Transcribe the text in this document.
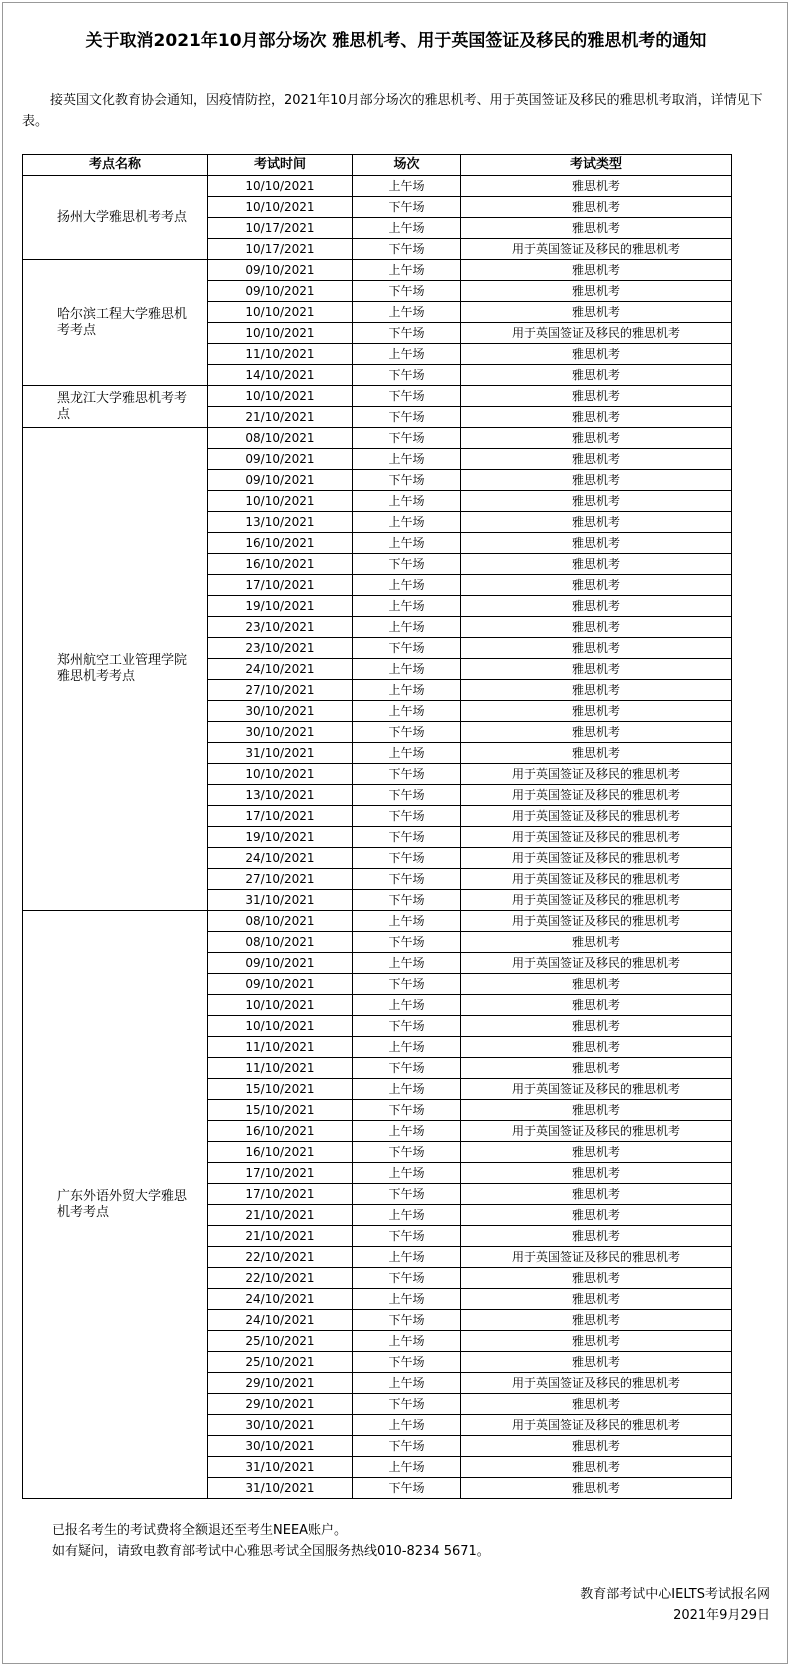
关于取消2021年10月部分场次 雅思机考、用于英国签证及移民的雅思机考的通知
接英国文化教育协会通知，因疫情防控，2021年10月部分场次的雅思机考、用于英国签证及移民的雅思机考取消，详情见下表。
考点名称	考试时间	场次	考试类型
扬州大学雅思机考考点	10/10/2021	上午场	雅思机考
	10/10/2021	下午场	雅思机考
	10/17/2021	上午场	雅思机考
	10/17/2021	下午场	用于英国签证及移民的雅思机考
哈尔滨工程大学雅思机考考点	09/10/2021	上午场	雅思机考
	09/10/2021	下午场	雅思机考
	10/10/2021	上午场	雅思机考
	10/10/2021	下午场	用于英国签证及移民的雅思机考
	11/10/2021	上午场	雅思机考
	14/10/2021	下午场	雅思机考
黑龙江大学雅思机考考点	10/10/2021	下午场	雅思机考
	21/10/2021	下午场	雅思机考
郑州航空工业管理学院雅思机考考点	08/10/2021	下午场	雅思机考
	09/10/2021	上午场	雅思机考
	09/10/2021	下午场	雅思机考
	10/10/2021	上午场	雅思机考
	13/10/2021	上午场	雅思机考
	16/10/2021	上午场	雅思机考
	16/10/2021	下午场	雅思机考
	17/10/2021	上午场	雅思机考
	19/10/2021	上午场	雅思机考
	23/10/2021	上午场	雅思机考
	23/10/2021	下午场	雅思机考
	24/10/2021	上午场	雅思机考
	27/10/2021	上午场	雅思机考
	30/10/2021	上午场	雅思机考
	30/10/2021	下午场	雅思机考
	31/10/2021	上午场	雅思机考
	10/10/2021	下午场	用于英国签证及移民的雅思机考
	13/10/2021	下午场	用于英国签证及移民的雅思机考
	17/10/2021	下午场	用于英国签证及移民的雅思机考
	19/10/2021	下午场	用于英国签证及移民的雅思机考
	24/10/2021	下午场	用于英国签证及移民的雅思机考
	27/10/2021	下午场	用于英国签证及移民的雅思机考
	31/10/2021	下午场	用于英国签证及移民的雅思机考
广东外语外贸大学雅思机考考点	08/10/2021	上午场	用于英国签证及移民的雅思机考
	08/10/2021	下午场	雅思机考
	09/10/2021	上午场	用于英国签证及移民的雅思机考
	09/10/2021	下午场	雅思机考
	10/10/2021	上午场	雅思机考
	10/10/2021	下午场	雅思机考
	11/10/2021	上午场	雅思机考
	11/10/2021	下午场	雅思机考
	15/10/2021	上午场	用于英国签证及移民的雅思机考
	15/10/2021	下午场	雅思机考
	16/10/2021	上午场	用于英国签证及移民的雅思机考
	16/10/2021	下午场	雅思机考
	17/10/2021	上午场	雅思机考
	17/10/2021	下午场	雅思机考
	21/10/2021	上午场	雅思机考
	21/10/2021	下午场	雅思机考
	22/10/2021	上午场	用于英国签证及移民的雅思机考
	22/10/2021	下午场	雅思机考
	24/10/2021	上午场	雅思机考
	24/10/2021	下午场	雅思机考
	25/10/2021	上午场	雅思机考
	25/10/2021	下午场	雅思机考
	29/10/2021	上午场	用于英国签证及移民的雅思机考
	29/10/2021	下午场	雅思机考
	30/10/2021	上午场	用于英国签证及移民的雅思机考
	30/10/2021	下午场	雅思机考
	31/10/2021	上午场	雅思机考
	31/10/2021	下午场	雅思机考
已报名考生的考试费将全额退还至考生NEEA账户。
如有疑问，请致电教育部考试中心雅思考试全国服务热线010-8234 5671。
教育部考试中心IELTS考试报名网
2021年9月29日
